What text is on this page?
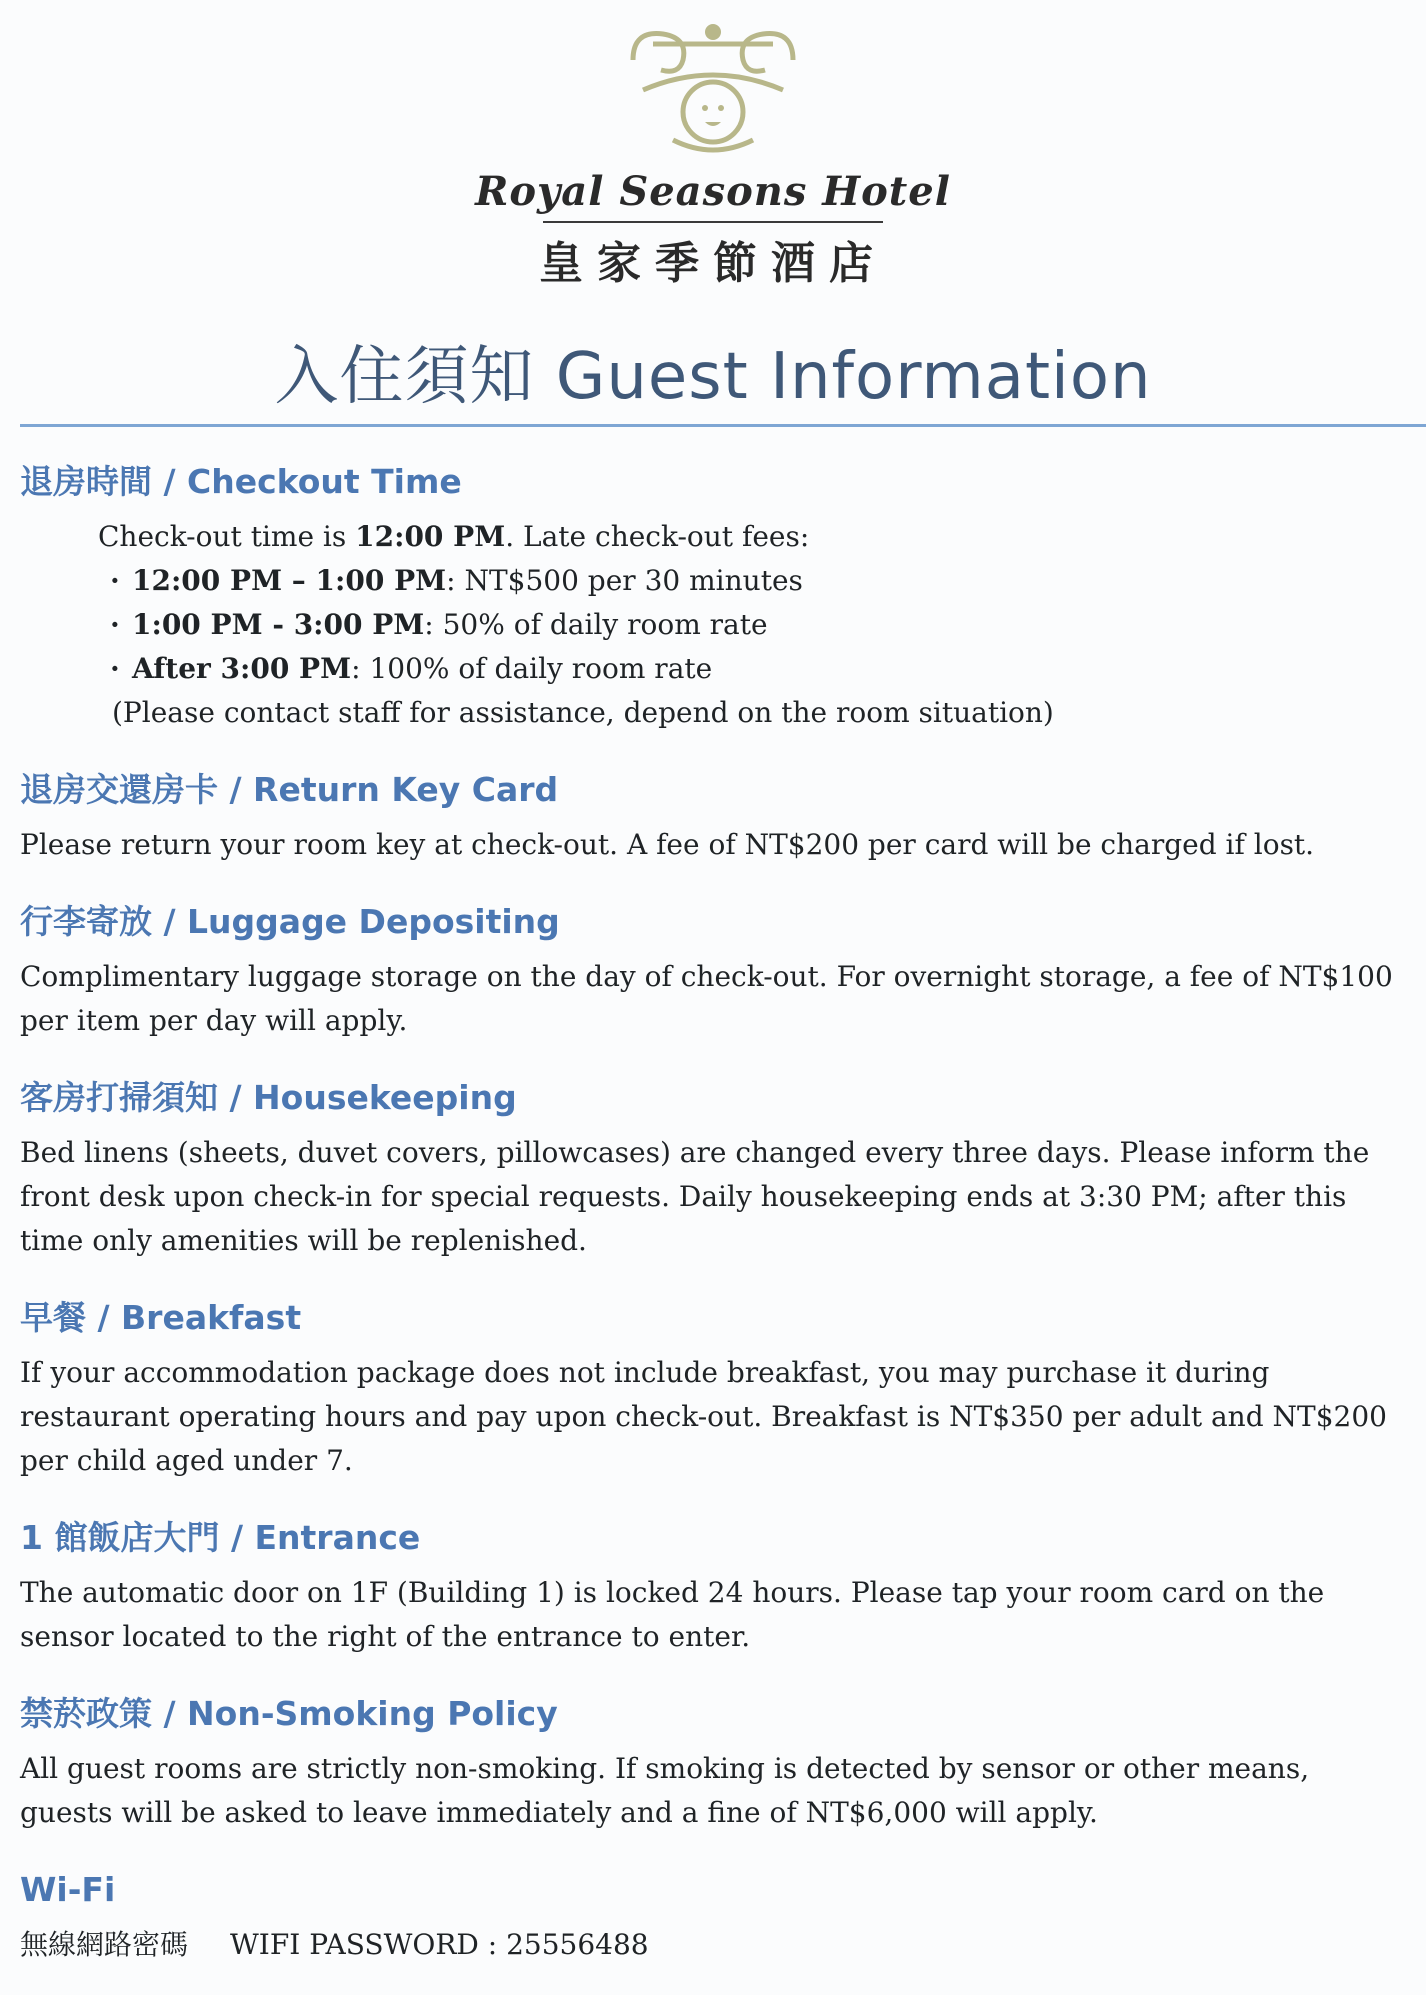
Royal Seasons Hotel
皇家季節酒店
入住須知 Guest Information
退房時間 / Checkout Time

Check-out time is 12:00 PM. Late check-out fees:

· 12:00 PM – 1:00 PM: NT$500 per 30 minutes
· 1:00 PM - 3:00 PM: 50% of daily room rate
· After 3:00 PM: 100% of daily room rate
(Please contact staff for assistance, depend on the room situation)
退房交還房卡 / Return Key Card

Please return your room key at check-out. A fee of NT$200 per card will be charged if lost.

行李寄放 / Luggage Depositing

Complimentary luggage storage on the day of check-out. For overnight storage, a fee of NT$100 per item per day will apply.

客房打掃須知 / Housekeeping

Bed linens (sheets, duvet covers, pillowcases) are changed every three days. Please inform the front desk upon check-in for special requests. Daily housekeeping ends at 3:30 PM; after this time only amenities will be replenished.

早餐 / Breakfast

If your accommodation package does not include breakfast, you may purchase it during restaurant operating hours and pay upon check-out. Breakfast is NT$350 per adult and NT$200 per child aged under 7.

1 館飯店大門 / Entrance

The automatic door on 1F (Building 1) is locked 24 hours. Please tap your room card on the sensor located to the right of the entrance to enter.

禁菸政策 / Non-Smoking Policy

All guest rooms are strictly non-smoking. If smoking is detected by sensor or other means, guests will be asked to leave immediately and a fine of NT$6,000 will apply.

Wi-Fi
無線網路密碼 WIFI PASSWORD : 25556488
